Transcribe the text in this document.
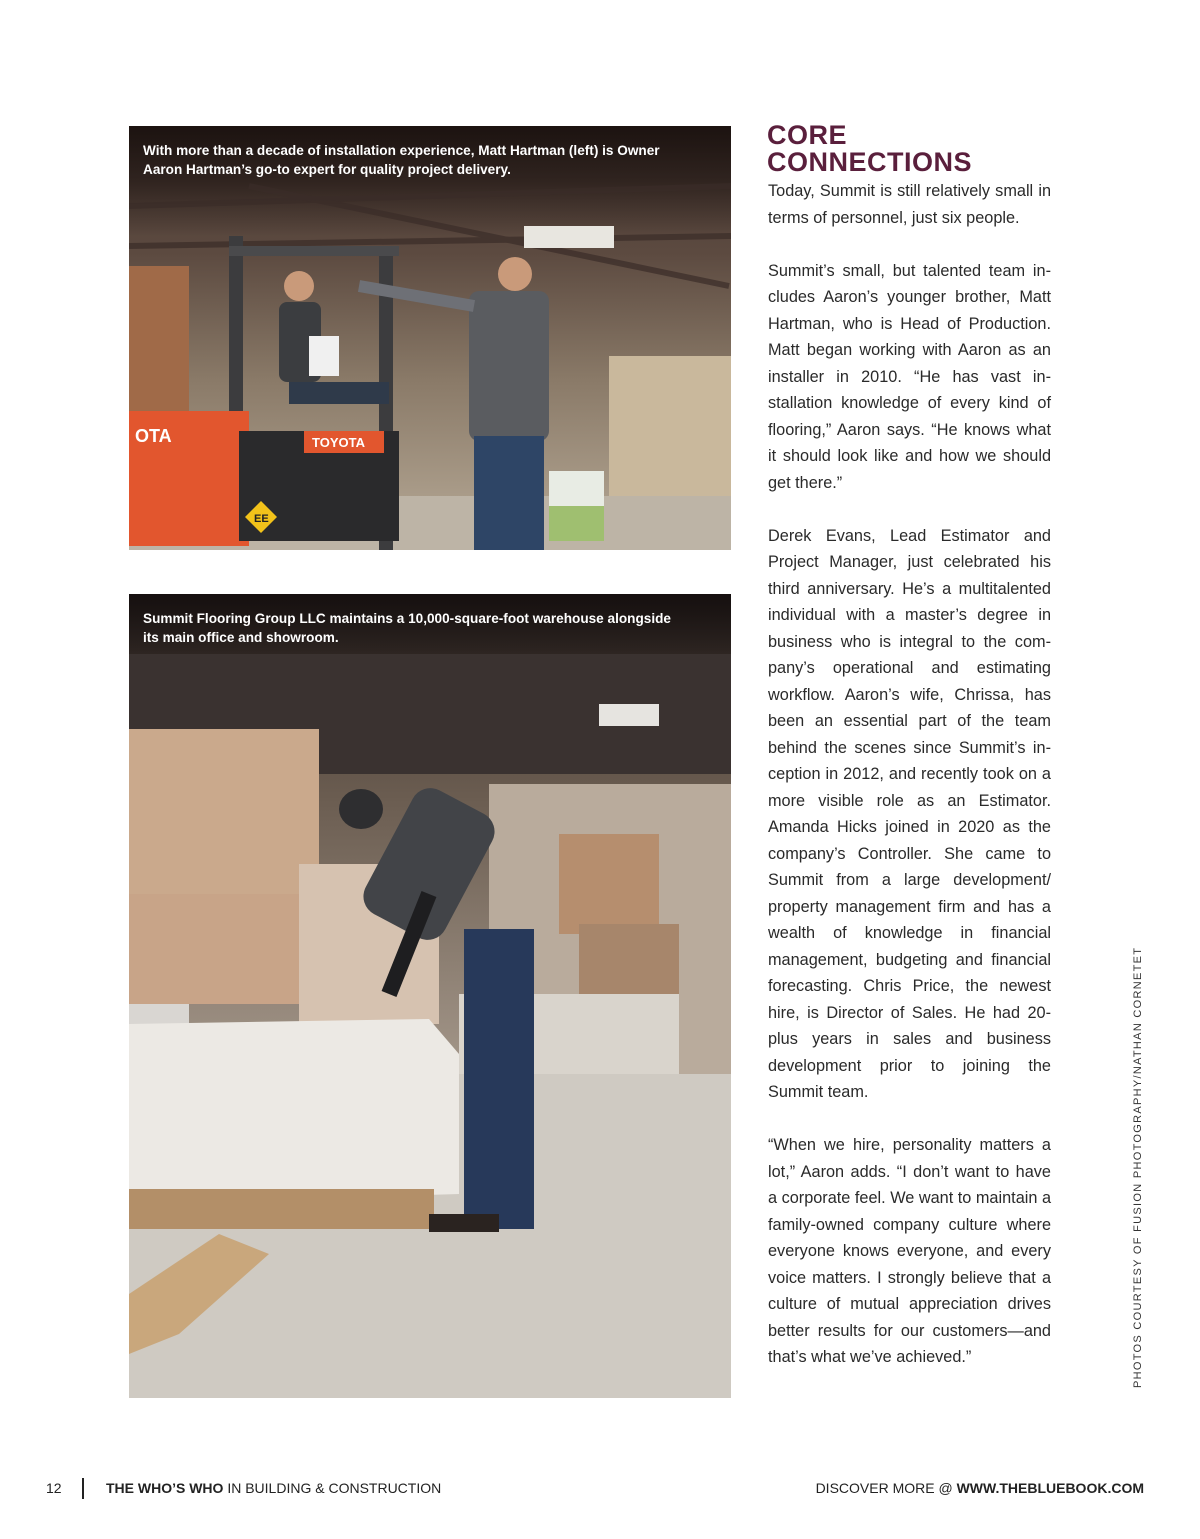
TOYOTA
OTA
EE
With more than a decade of installation experience, Matt Hartman (left) is Owner Aaron Hartman’s go-to expert for quality project delivery.
Summit Flooring Group LLC maintains a 10,000-square-foot warehouse alongside its main office and showroom.
CORE
CONNECTIONS

Today, Summit is still relatively small in terms of personnel, just six people.

Summit’s small, but talented team includes Aaron’s younger brother, Matt Hartman, who is Head of Production. Matt began working with Aaron as an installer in 2010. “He has vast installation knowledge of every kind of flooring,” Aaron says. “He knows what it should look like and how we should get there.”

Derek Evans, Lead Estimator and Project Manager, just celebrated his third anniversary. He’s a multitalented individual with a master’s degree in business who is integral to the company’s operational and estimating workflow. Aaron’s wife, Chrissa, has been an essential part of the team behind the scenes since Summit’s inception in 2012, and recently took on a more visible role as an Estimator. Amanda Hicks joined in 2020 as the company’s Controller. She came to Summit from a large development/ property management firm and has a wealth of knowledge in financial management, budgeting and financial forecasting. Chris Price, the newest hire, is Director of Sales. He had 20-plus years in sales and business development prior to joining the Summit team.

“When we hire, personality matters a lot,” Aaron adds. “I don’t want to have a corporate feel. We want to maintain a family-owned company culture where everyone knows everyone, and every voice matters. I strongly believe that a culture of mutual appreciation drives better results for our customers—and that’s what we’ve achieved.”	PHOTOS COURTESY OF FUSION PHOTOGRAPHY/NATHAN CORNETET
12	THE WHO’S WHO IN BUILDING & CONSTRUCTION	DISCOVER MORE @ WWW.THEBLUEBOOK.COM
